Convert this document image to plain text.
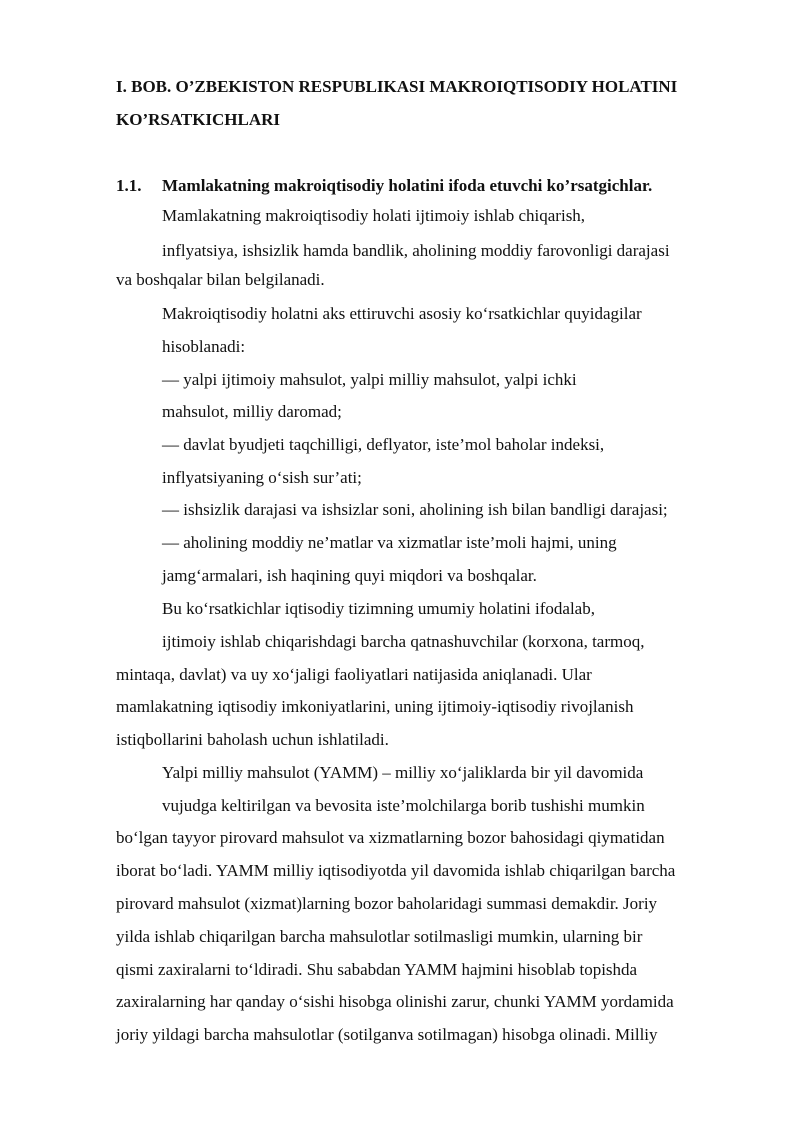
I. BOB. O’ZBEKISTON RESPUBLIKASI MAKROIQTISODIY HOLATINI
KO’RSATKICHLARI
1.1. Mamlakatning makroiqtisodiy holatini ifoda etuvchi ko’rsatgichlar.
Mamlakatning makroiqtisodiy holati ijtimoiy ishlab chiqarish,
inflyatsiya, ishsizlik hamda bandlik, aholining moddiy farovonligi darajasi
va boshqalar bilan belgilanadi.
Makroiqtisodiy holatni aks ettiruvchi asosiy ko‘rsatkichlar quyidagilar
hisoblanadi:
— yalpi ijtimoiy mahsulot, yalpi milliy mahsulot, yalpi ichki
mahsulot, milliy daromad;
— davlat byudjeti taqchilligi, deflyator, iste’mol baholar indeksi,
inflyatsiyaning o‘sish sur’ati;
— ishsizlik darajasi va ishsizlar soni, aholining ish bilan bandligi darajasi;
— aholining moddiy ne’matlar va xizmatlar iste’moli hajmi, uning
jamg‘armalari, ish haqining quyi miqdori va boshqalar.
Bu ko‘rsatkichlar iqtisodiy tizimning umumiy holatini ifodalab,
ijtimoiy ishlab chiqarishdagi barcha qatnashuvchilar (korxona, tarmoq,
mintaqa, davlat) va uy xo‘jaligi faoliyatlari natijasida aniqlanadi. Ular
mamlakatning iqtisodiy imkoniyatlarini, uning ijtimoiy-iqtisodiy rivojlanish
istiqbollarini baholash uchun ishlatiladi.
Yalpi milliy mahsulot (YAMM) – milliy xo‘jaliklarda bir yil davomida
vujudga keltirilgan va bevosita iste’molchilarga borib tushishi mumkin
bo‘lgan tayyor pirovard mahsulot va xizmatlarning bozor bahosidagi qiymatidan
iborat bo‘ladi. YAMM milliy iqtisodiyotda yil davomida ishlab chiqarilgan barcha
pirovard mahsulot (xizmat)larning bozor baholaridagi summasi demakdir. Joriy
yilda ishlab chiqarilgan barcha mahsulotlar sotilmasligi mumkin, ularning bir
qismi zaxiralarni to‘ldiradi. Shu sababdan YAMM hajmini hisoblab topishda
zaxiralarning har qanday o‘sishi hisobga olinishi zarur, chunki YAMM yordamida
joriy yildagi barcha mahsulotlar (sotilganva sotilmagan) hisobga olinadi. Milliy
